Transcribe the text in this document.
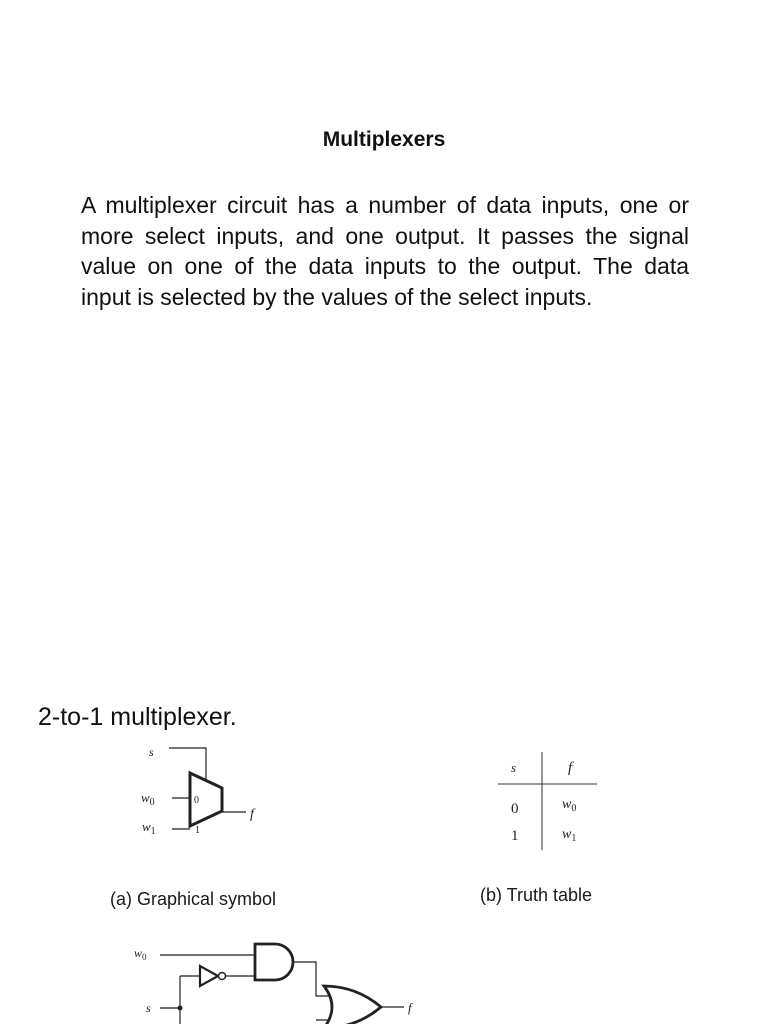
Multiplexers

A multiplexer circuit has a number of data inputs, one or more select inputs, and one output. It passes the signal value on one of the data inputs to the output. The data input is selected by the values of the select inputs.

2-to-1 multiplexer.
s
$w_0$	0
$w_1$	1
f
(a) Graphical symbol
s	f
0	$w_0$
1	$w_1$
(b) Truth table
$w_0$
s	f
